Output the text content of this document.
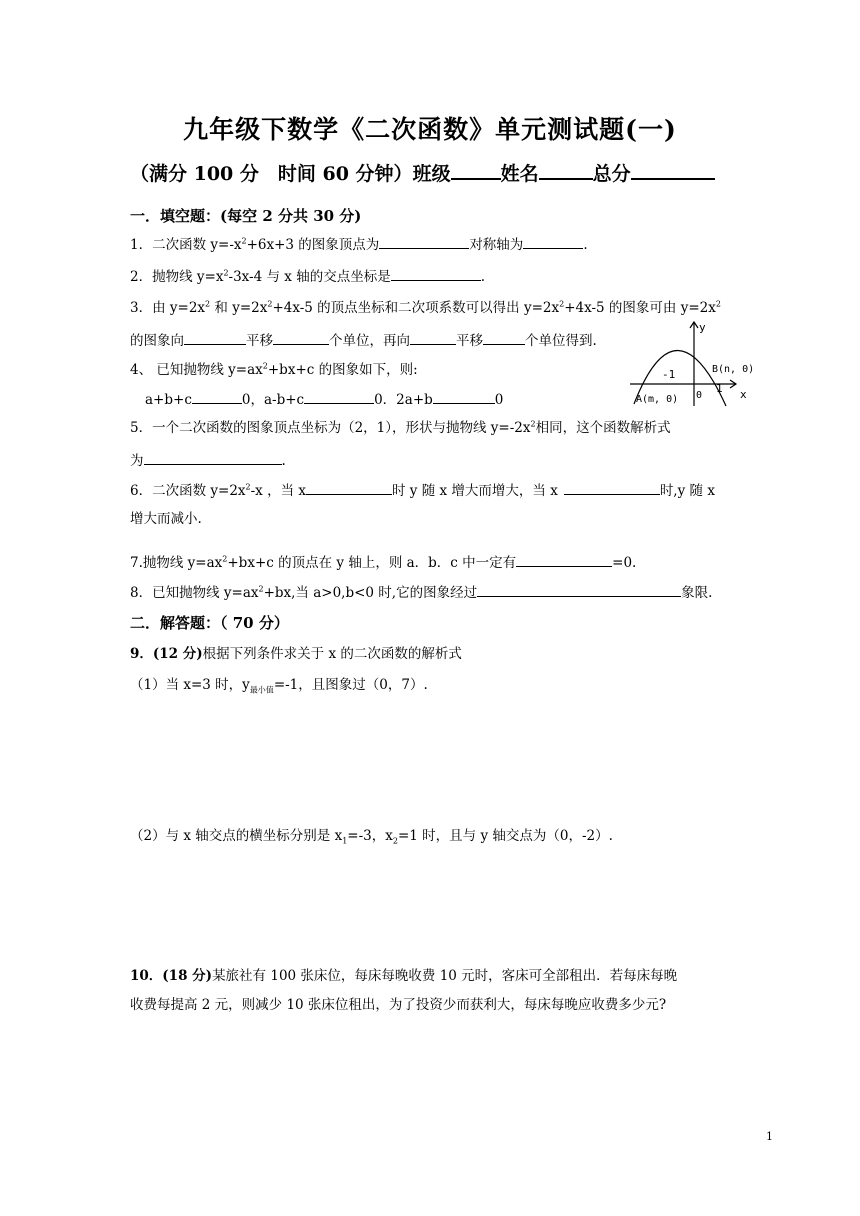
九年级下数学《二次函数》单元测试题(一)
（满分 100 分　时间 60 分钟）班级	姓名	总分
一．填空题：(每空 2 分共 30 分)
1．二次函数 $y=-x^2+6x+3$ 的图象顶点为	对称轴为	.
2．抛物线 $y=x^2-3x-4$ 与 x 轴的交点坐标是	.
3．由 $y=2x^2$ 和 $y=2x^2+4x-5$ 的顶点坐标和二次项系数可以得出 $y=2x^2+4x-5$ 的图象可由 $y=2x^2$
的图象向	平移	个单位，再向	平移	个单位得到.
4、 已知抛物线 $y=ax^2+bx+c$ 的图象如下，则:
a+b+c	0，a-b+c	0．2a+b	0
y
x
-1
0
1
A(m, 0)
B(n, 0)
5．一个二次函数的图象顶点坐标为（2，1），形状与抛物线 $y=-2x^2$相同，这个函数解析式
为	.
6．二次函数 $y=2x^2-x$ ，当 x	时 y 随 x 增大而增大，当 x	时,y 随 x
增大而减小.
7.抛物线 $y=ax^2+bx+c$ 的顶点在 y 轴上，则 a．b．c 中一定有	=0.
8．已知抛物线 $y=ax^2+bx$,当 a>0,b<0 时,它的图象经过	象限.
二．解答题：（ 70 分）
9．(12 分)根据下列条件求关于 x 的二次函数的解析式
（1）当 x=3 时，$y_{最小值}=-1$，且图象过（0，7）.
（2）与 x 轴交点的横坐标分别是 $x_1=-3$，$x_2=1$ 时，且与 y 轴交点为（0，-2）.
10．(18 分)某旅社有 100 张床位，每床每晚收费 10 元时，客床可全部租出．若每床每晚
收费每提高 2 元，则减少 10 张床位租出，为了投资少而获利大，每床每晚应收费多少元?
1
